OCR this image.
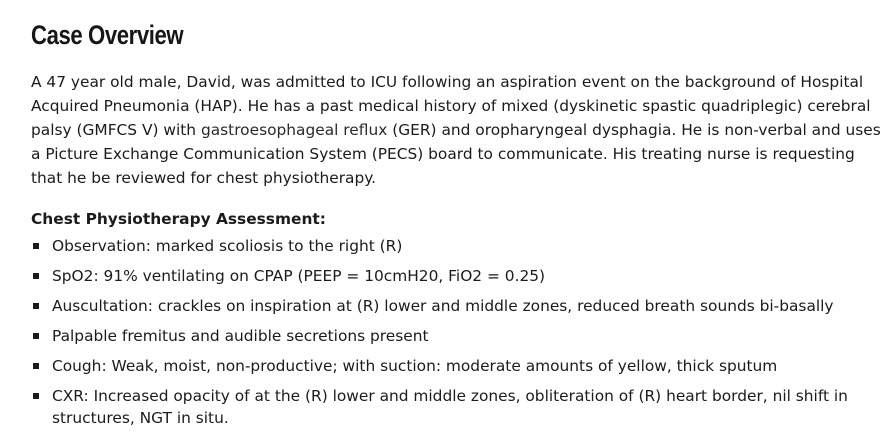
Case Overview

A 47 year old male, David, was admitted to ICU following an aspiration event on the background of Hospital Acquired Pneumonia (HAP). He has a past medical history of mixed (dyskinetic spastic quadriplegic) cerebral palsy (GMFCS V) with gastroesophageal reflux (GER) and oropharyngeal dysphagia. He is non-verbal and uses a Picture Exchange Communication System (PECS) board to communicate. His treating nurse is requesting that he be reviewed for chest physiotherapy.

Chest Physiotherapy Assessment:
Observation: marked scoliosis to the right (R)
SpO2: 91% ventilating on CPAP (PEEP = 10cmH20, FiO2 = 0.25)
Auscultation: crackles on inspiration at (R) lower and middle zones, reduced breath sounds bi-basally
Palpable fremitus and audible secretions present
Cough: Weak, moist, non-productive; with suction: moderate amounts of yellow, thick sputum
CXR: Increased opacity of at the (R) lower and middle zones, obliteration of (R) heart border, nil shift in structures, NGT in situ.
